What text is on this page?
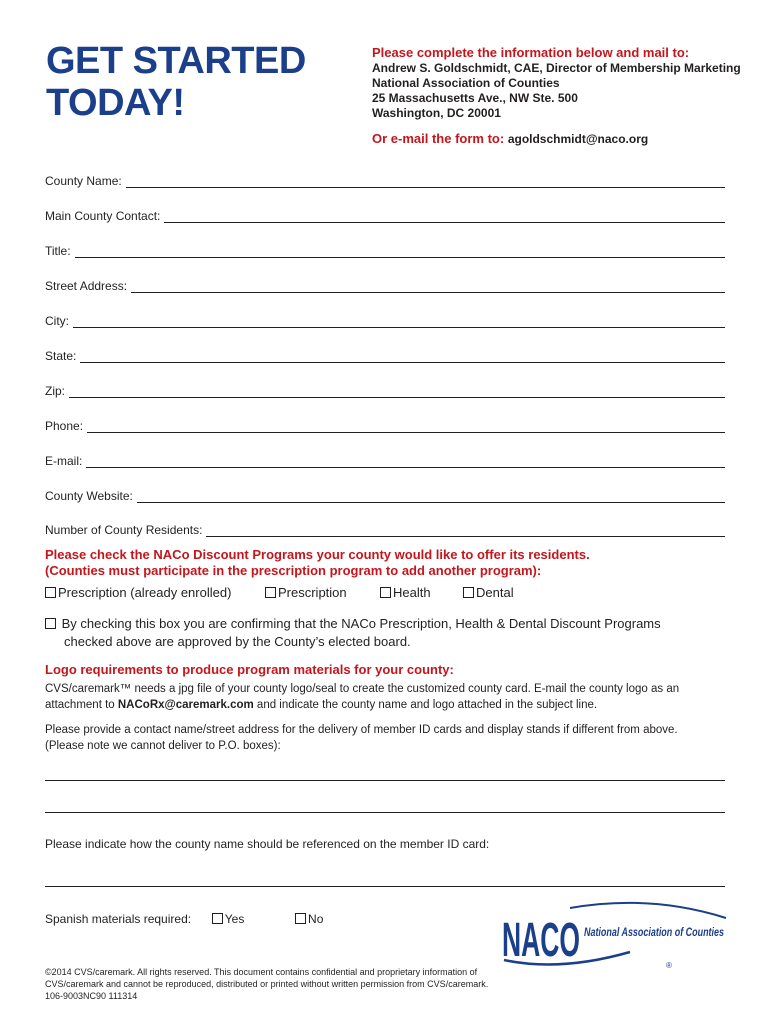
GET STARTED
TODAY!
Please complete the information below and mail to:
Andrew S. Goldschmidt, CAE, Director of Membership Marketing
National Association of Counties
25 Massachusetts Ave., NW Ste. 500
Washington, DC 20001
Or e-mail the form to: agoldschmidt@naco.org
County Name:
Main County Contact:
Title:
Street Address:
City:
State:
Zip:
Phone:
E-mail:
County Website:
Number of County Residents:
Please check the NACo Discount Programs your county would like to offer its residents.
(Counties must participate in the prescription program to add another program):
Prescription (already enrolled)	Prescription	Health	Dental
By checking this box you are confirming that the NACo Prescription, Health & Dental Discount Programs
checked above are approved by the County’s elected board.
Logo requirements to produce program materials for your county:
CVS/caremark™ needs a jpg file of your county logo/seal to create the customized county card. E-mail the county logo as an
attachment to NACoRx@caremark.com and indicate the county name and logo attached in the subject line.
Please provide a contact name/street address for the delivery of member ID cards and display stands if different from above.
(Please note we cannot deliver to P.O. boxes):
Please indicate how the county name should be referenced on the member ID card:
Spanish materials required:	Yes	No	NACO National Association of Counties
®
©2014 CVS/caremark. All rights reserved. This document contains confidential and proprietary information of
CVS/caremark and cannot be reproduced, distributed or printed without written permission from CVS/caremark.
106-9003NC90 111314
